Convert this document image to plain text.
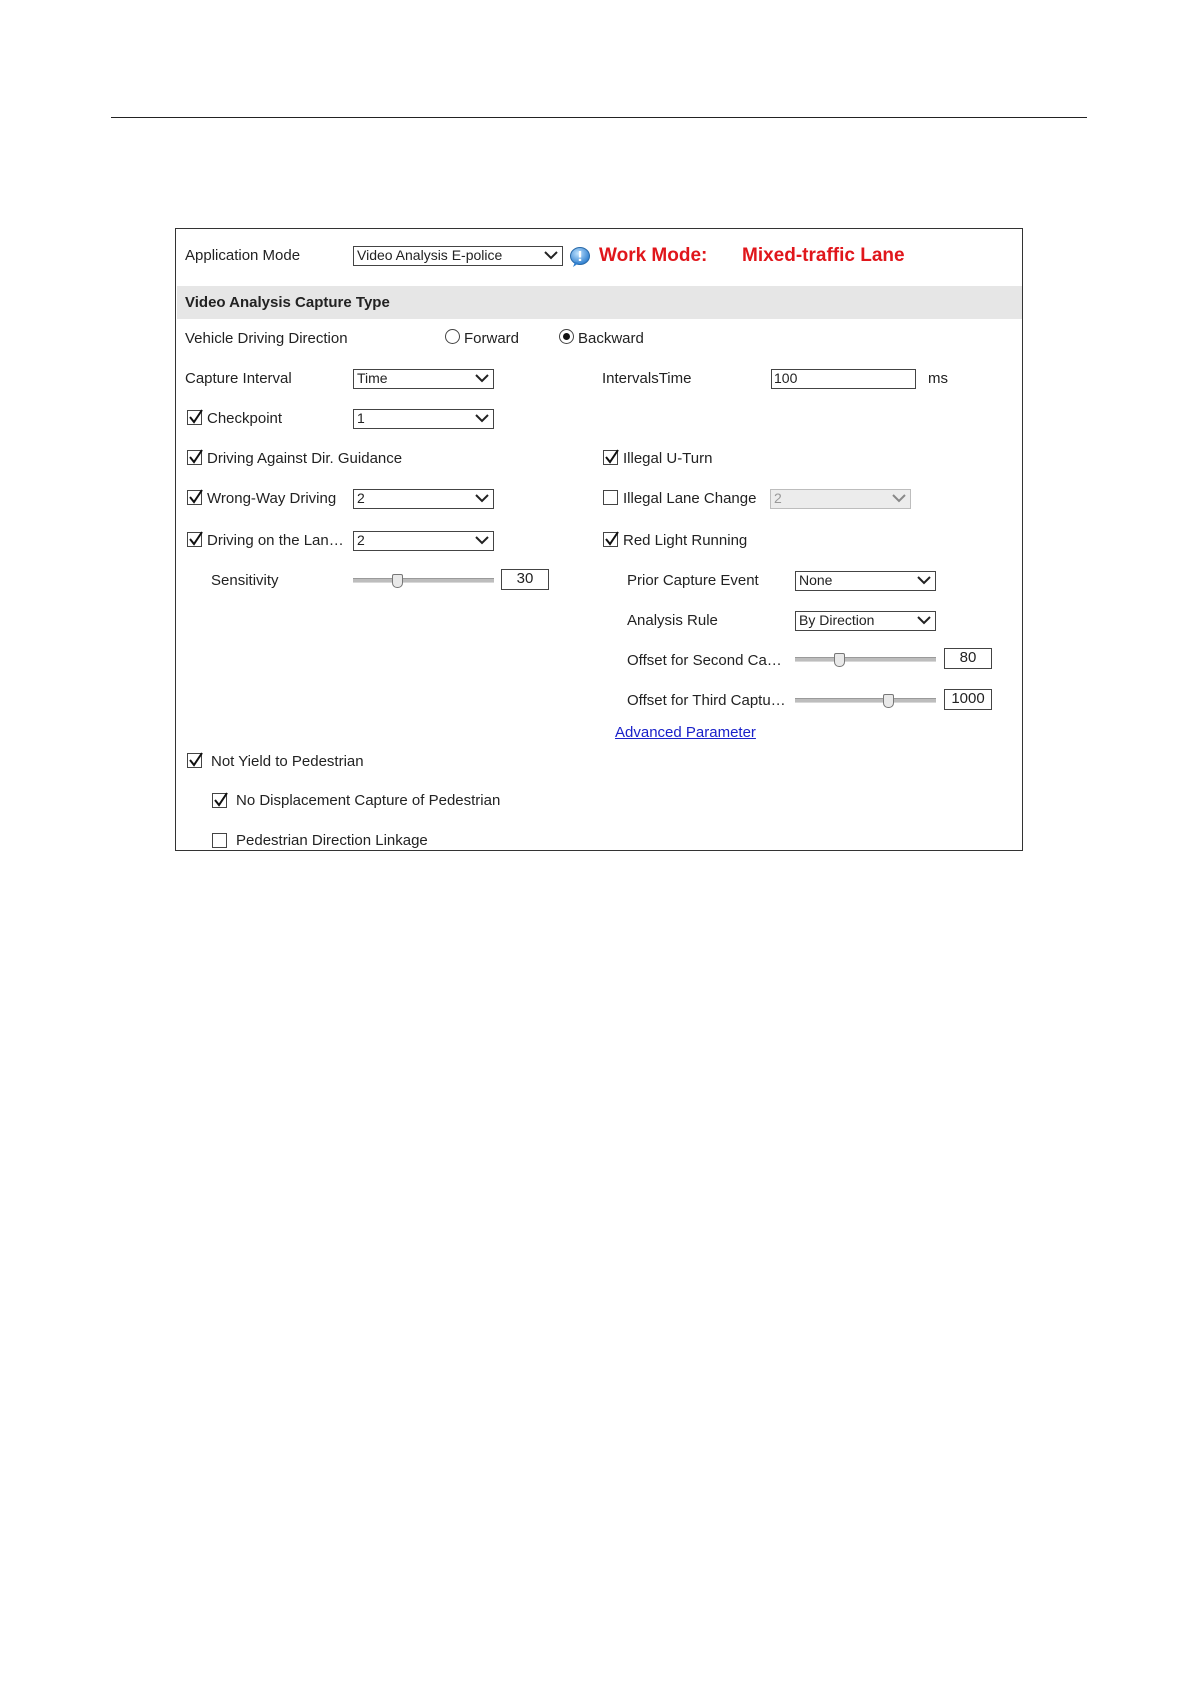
Application Mode	Video Analysis E-police	Work Mode: Mixed-traffic Lane
Video Analysis Capture Type
Vehicle Driving Direction	Forward	Backward
Capture Interval	Time	IntervalsTime	100	ms
Checkpoint	1
Driving Against Dir. Guidance	Illegal U-Turn
Wrong-Way Driving 2	Illegal Lane Change 2
Driving on the Lan… 2	Red Light Running
Sensitivity	30	Prior Capture Event	None
Analysis Rule	By Direction
Offset for Second Ca…	80
Offset for Third Captu…	1000
Advanced Parameter
Not Yield to Pedestrian
No Displacement Capture of Pedestrian
Pedestrian Direction Linkage
